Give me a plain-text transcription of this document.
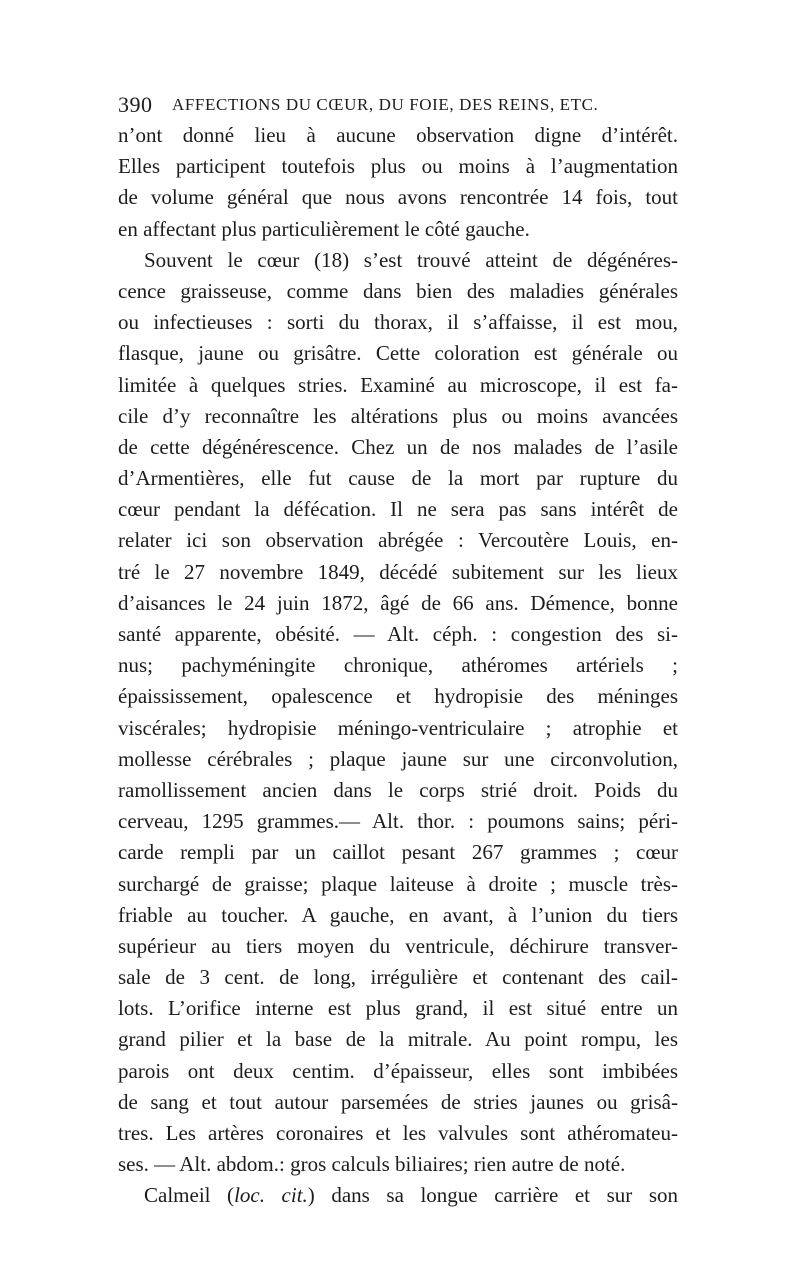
390 AFFECTIONS DU CŒUR, DU FOIE, DES REINS, ETC.
n’ont donné lieu à aucune observation digne d’intérêt.
Elles participent toutefois plus ou moins à l’augmentation
de volume général que nous avons rencontrée 14 fois, tout
en affectant plus particulièrement le côté gauche.
Souvent le cœur (18) s’est trouvé atteint de dégénéres-
cence graisseuse, comme dans bien des maladies générales
ou infectieuses : sorti du thorax, il s’affaisse, il est mou,
flasque, jaune ou grisâtre. Cette coloration est générale ou
limitée à quelques stries. Examiné au microscope, il est fa-
cile d’y reconnaître les altérations plus ou moins avancées
de cette dégénérescence. Chez un de nos malades de l’asile
d’Armentières, elle fut cause de la mort par rupture du
cœur pendant la défécation. Il ne sera pas sans intérêt de
relater ici son observation abrégée : Vercoutère Louis, en-
tré le 27 novembre 1849, décédé subitement sur les lieux
d’aisances le 24 juin 1872, âgé de 66 ans. Démence, bonne
santé apparente, obésité. — Alt. céph. : congestion des si-
nus; pachyméningite chronique, athéromes artériels ;
épaississement, opalescence et hydropisie des méninges
viscérales; hydropisie méningo-ventriculaire ; atrophie et
mollesse cérébrales ; plaque jaune sur une circonvolution,
ramollissement ancien dans le corps strié droit. Poids du
cerveau, 1295 grammes.— Alt. thor. : poumons sains; péri-
carde rempli par un caillot pesant 267 grammes ; cœur
surchargé de graisse; plaque laiteuse à droite ; muscle très-
friable au toucher. A gauche, en avant, à l’union du tiers
supérieur au tiers moyen du ventricule, déchirure transver-
sale de 3 cent. de long, irrégulière et contenant des cail-
lots. L’orifice interne est plus grand, il est situé entre un
grand pilier et la base de la mitrale. Au point rompu, les
parois ont deux centim. d’épaisseur, elles sont imbibées
de sang et tout autour parsemées de stries jaunes ou grisâ-
tres. Les artères coronaires et les valvules sont athéromateu-
ses. — Alt. abdom.: gros calculs biliaires; rien autre de noté.
Calmeil (loc. cit.) dans sa longue carrière et sur son
